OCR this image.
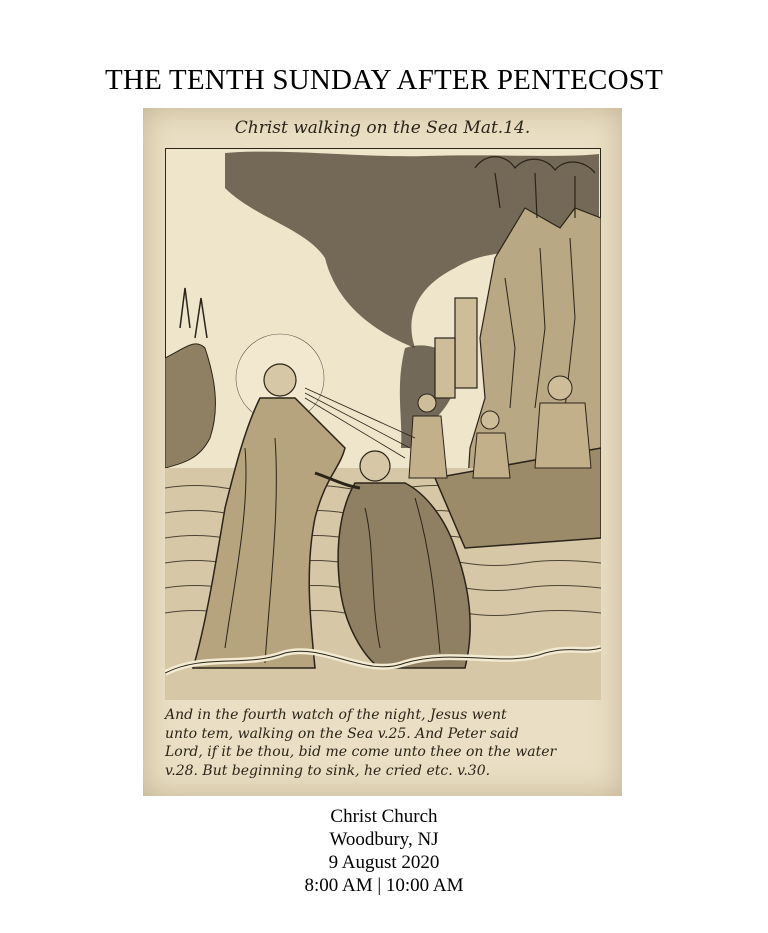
THE TENTH SUNDAY AFTER PENTECOST
Christ walking on the Sea Mat.14.
And in the fourth watch of the night, Jesus went
unto tem, walking on the Sea v.25. And Peter said
Lord, if it be thou, bid me come unto thee on the water
v.28. But beginning to sink, he cried etc. v.30.
Christ Church
Woodbury, NJ
9 August 2020
8:00 AM | 10:00 AM
